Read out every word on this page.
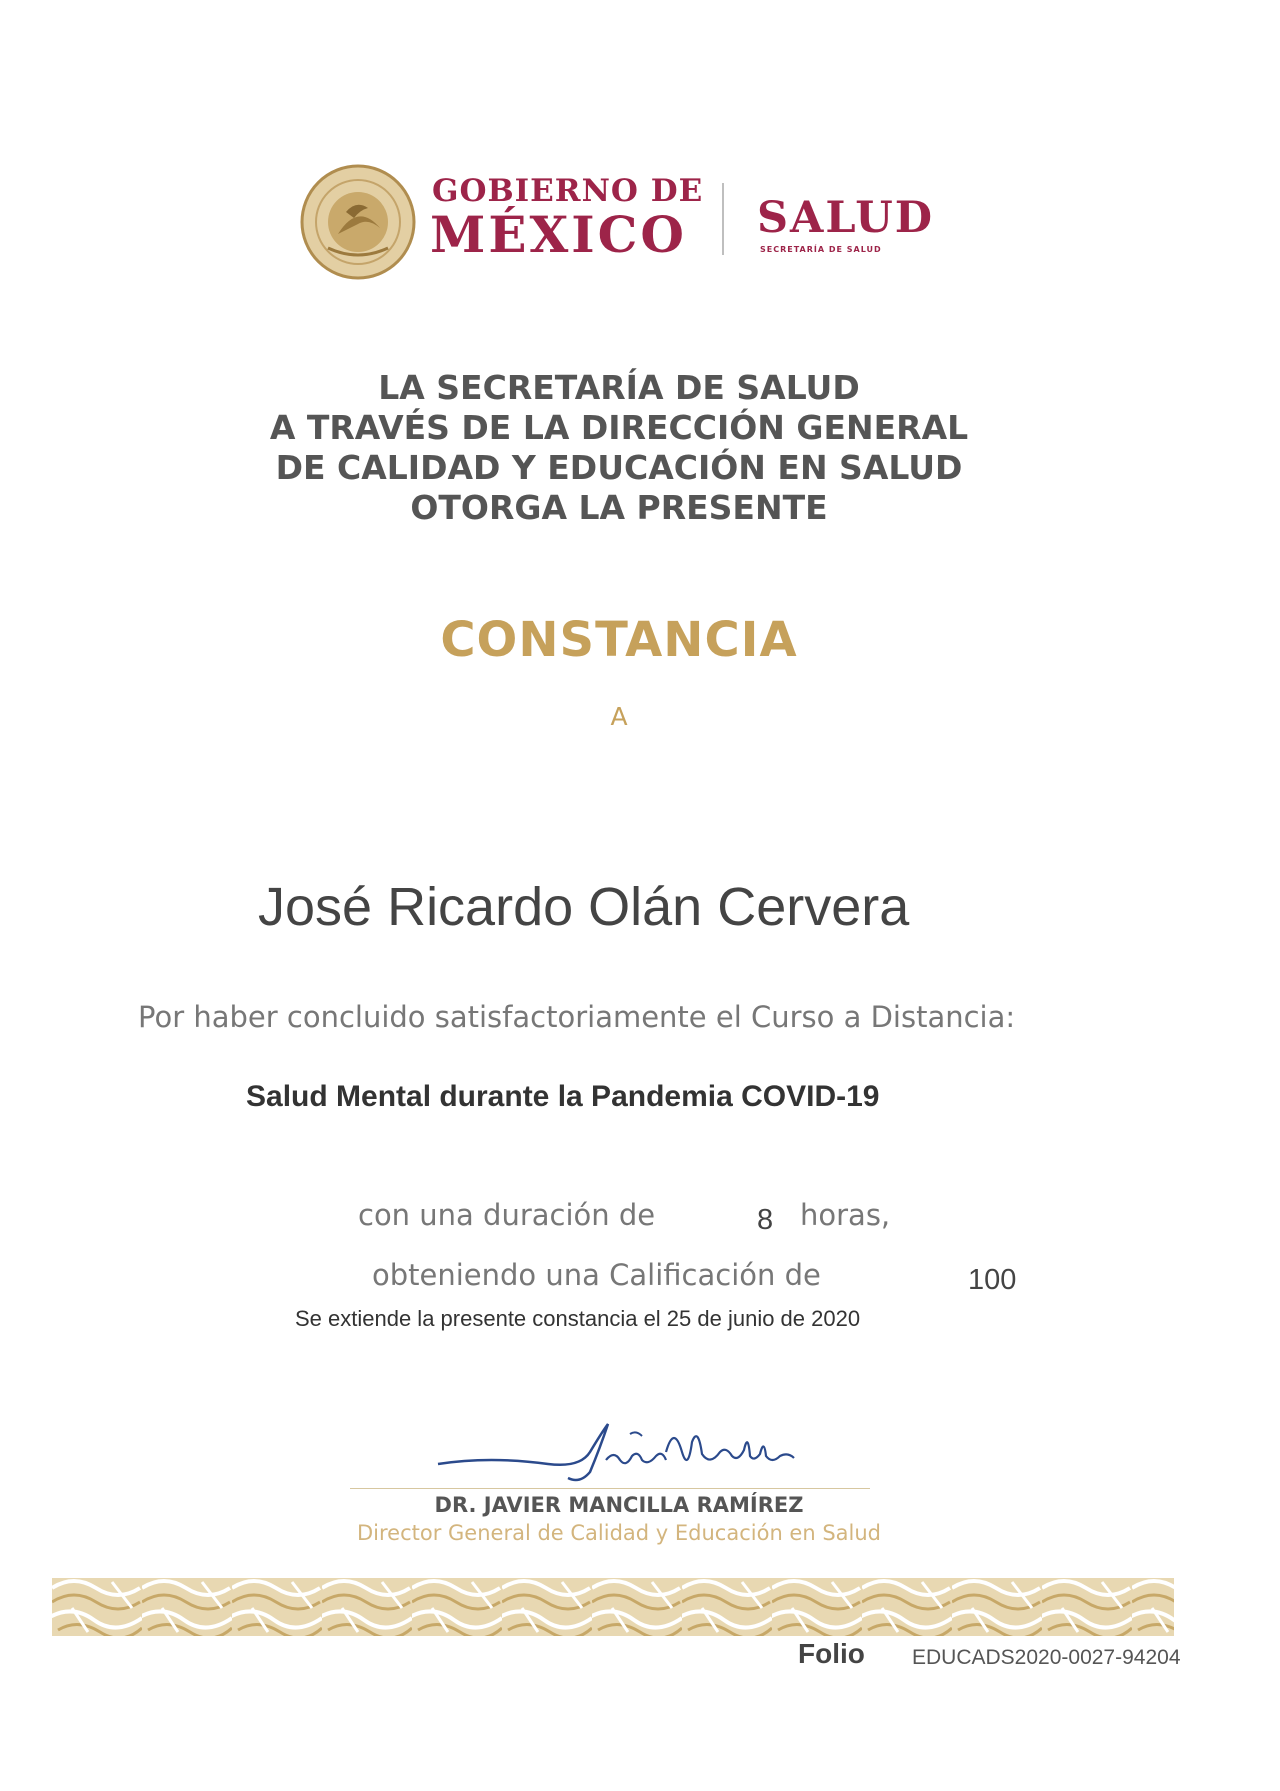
GOBIERNO DE
MÉXICO SALUD
SECRETARÍA DE SALUD
LA SECRETARÍA DE SALUD
A TRAVÉS DE LA DIRECCIÓN GENERAL
DE CALIDAD Y EDUCACIÓN EN SALUD
OTORGA LA PRESENTE
CONSTANCIA
A
José Ricardo Olán Cervera
Por haber concluido satisfactoriamente el Curso a Distancia:
Salud Mental durante la Pandemia COVID-19
con una duración de	8 horas,
obteniendo una Calificación de	100
Se extiende la presente constancia el 25 de junio de 2020
DR. JAVIER MANCILLA RAMÍREZ
Director General de Calidad y Educación en Salud
Folio EDUCADS2020-0027-94204
